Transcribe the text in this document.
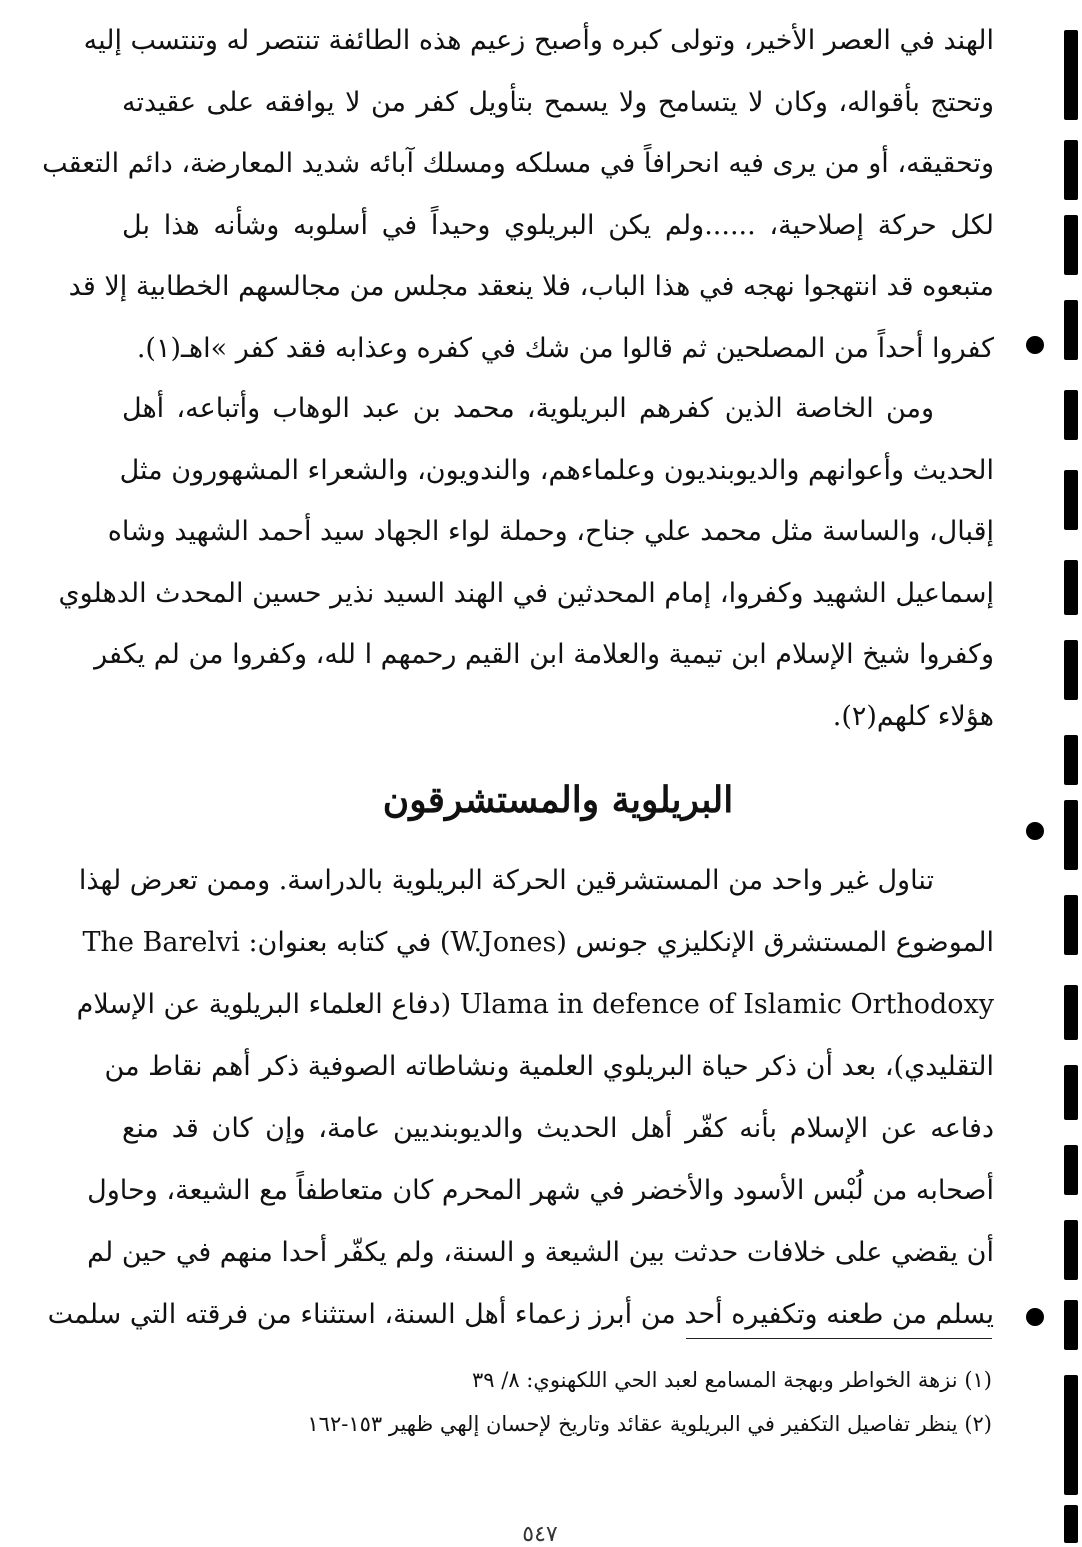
الهند في العصر الأخير، وتولى كبره وأصبح زعيم هذه الطائفة تنتصر له وتنتسب إليه
وتحتج بأقواله، وكان لا يتسامح ولا يسمح بتأويل كفر من لا يوافقه على عقيدته
وتحقيقه، أو من يرى فيه انحرافاً في مسلكه ومسلك آبائه شديد المعارضة، دائم التعقب
لكل حركة إصلاحية، ......ولم يكن البريلوي وحيداً في أسلوبه وشأنه هذا بل
متبعوه قد انتهجوا نهجه في هذا الباب، فلا ينعقد مجلس من مجالسهم الخطابية إلا قد
كفروا أحداً من المصلحين ثم قالوا من شك في كفره وعذابه فقد كفر »اهـ(١).
ومن الخاصة الذين كفرهم البريلوية، محمد بن عبد الوهاب وأتباعه، أهل
الحديث وأعوانهم والديوبنديون وعلماءهم، والندويون، والشعراء المشهورون مثل
إقبال، والساسة مثل محمد علي جناح، وحملة لواء الجهاد سيد أحمد الشهيد وشاه
إسماعيل الشهيد وكفروا، إمام المحدثين في الهند السيد نذير حسين المحدث الدهلوي
وكفروا شيخ الإسلام ابن تيمية والعلامة ابن القيم رحمهم ا لله، وكفروا من لم يكفر
هؤلاء كلهم(٢).
البريلوية والمستشرقون
تناول غير واحد من المستشرقين الحركة البريلوية بالدراسة. وممن تعرض لهذا
الموضوع المستشرق الإنكليزي جونس (W.Jones) في كتابه بعنوان: The Barelvi
Ulama in defence of Islamic Orthodoxy (دفاع العلماء البريلوية عن الإسلام
التقليدي)، بعد أن ذكر حياة البريلوي العلمية ونشاطاته الصوفية ذكر أهم نقاط من
دفاعه عن الإسلام بأنه كفّر أهل الحديث والديوبنديين عامة، وإن كان قد منع
أصحابه من لُبْس الأسود والأخضر في شهر المحرم كان متعاطفاً مع الشيعة، وحاول
أن يقضي على خلافات حدثت بين الشيعة و السنة، ولم يكفّر أحدا منهم في حين لم
يسلم من طعنه وتكفيره أحد من أبرز زعماء أهل السنة، استثناء من فرقته التي سلمت
(١) نزهة الخواطر وبهجة المسامع لعبد الحي اللكهنوي: ٨/ ٣٩
(٢) ينظر تفاصيل التكفير في البريلوية عقائد وتاريخ لإحسان إلهي ظهير ١٥٣-١٦٢
٥٤٧
